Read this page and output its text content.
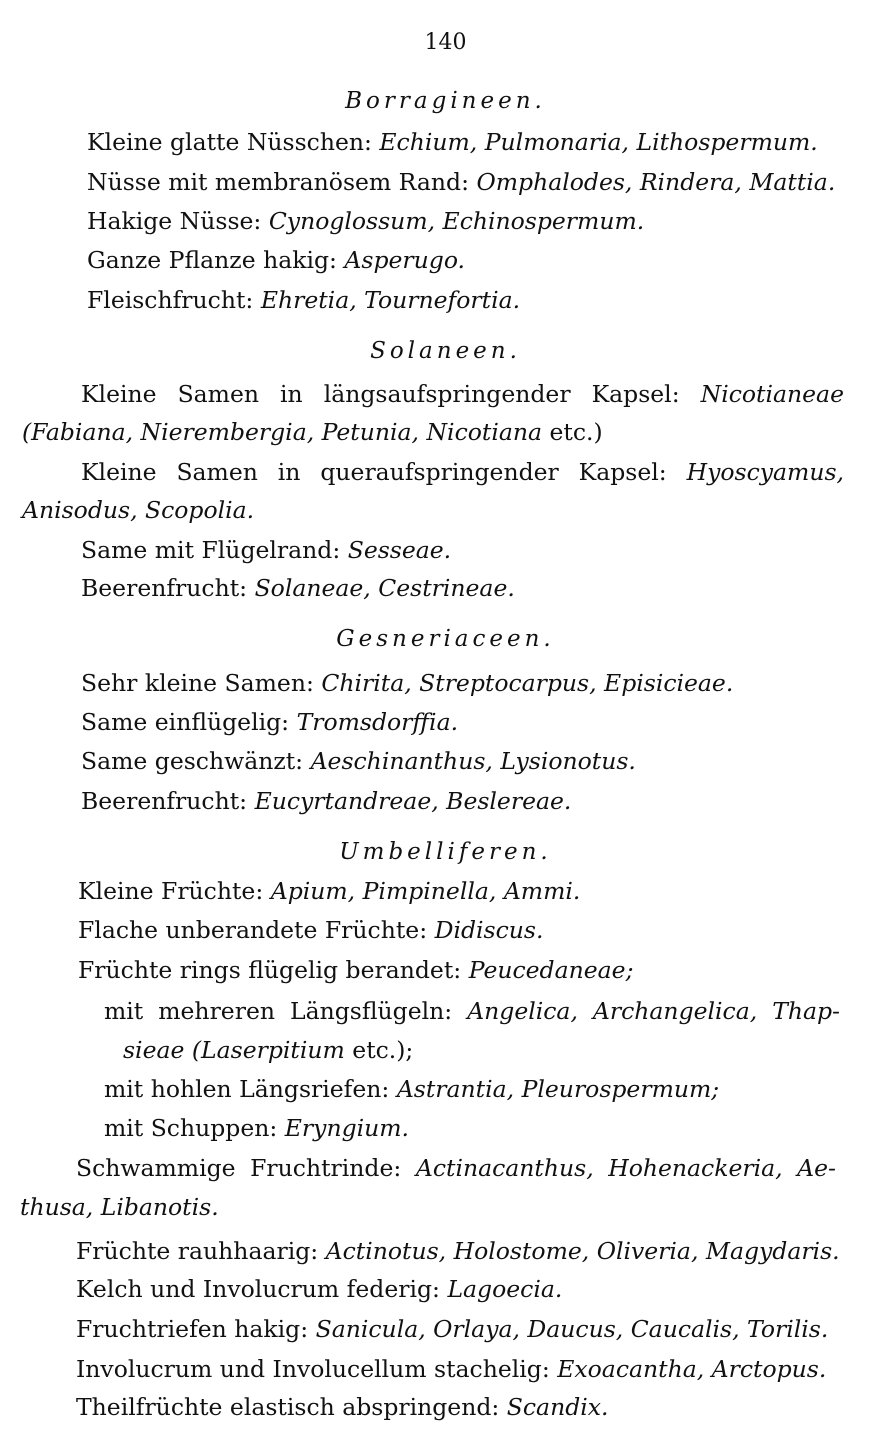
140
Borragineen.
Kleine glatte Nüsschen: Echium, Pulmonaria, Lithospermum.
Nüsse mit membranösem Rand: Omphalodes, Rindera, Mattia.
Hakige Nüsse: Cynoglossum, Echinospermum.
Ganze Pflanze hakig: Asperugo.
Fleischfrucht: Ehretia, Tournefortia.
Solaneen.
Kleine Samen in längsaufspringender Kapsel: Nicotianeae
(Fabiana, Nierembergia, Petunia, Nicotiana etc.)
Kleine Samen in queraufspringender Kapsel: Hyoscyamus,
Anisodus, Scopolia.
Same mit Flügelrand: Sesseae.
Beerenfrucht: Solaneae, Cestrineae.
Gesneriaceen.
Sehr kleine Samen: Chirita, Streptocarpus, Episicieae.
Same einflügelig: Tromsdorffia.
Same geschwänzt: Aeschinanthus, Lysionotus.
Beerenfrucht: Eucyrtandreae, Beslereae.
Umbelliferen.
Kleine Früchte: Apium, Pimpinella, Ammi.
Flache unberandete Früchte: Didiscus.
Früchte rings flügelig berandet: Peucedaneae;
mit mehreren Längsflügeln: Angelica, Archangelica, Thap-
sieae (Laserpitium etc.);
mit hohlen Längsriefen: Astrantia, Pleurospermum;
mit Schuppen: Eryngium.
Schwammige Fruchtrinde: Actinacanthus, Hohenackeria, Ae-
thusa, Libanotis.
Früchte rauhhaarig: Actinotus, Holostome, Oliveria, Magydaris.
Kelch und Involucrum federig: Lagoecia.
Fruchtriefen hakig: Sanicula, Orlaya, Daucus, Caucalis, Torilis.
Involucrum und Involucellum stachelig: Exoacantha, Arctopus.
Theilfrüchte elastisch abspringend: Scandix.
